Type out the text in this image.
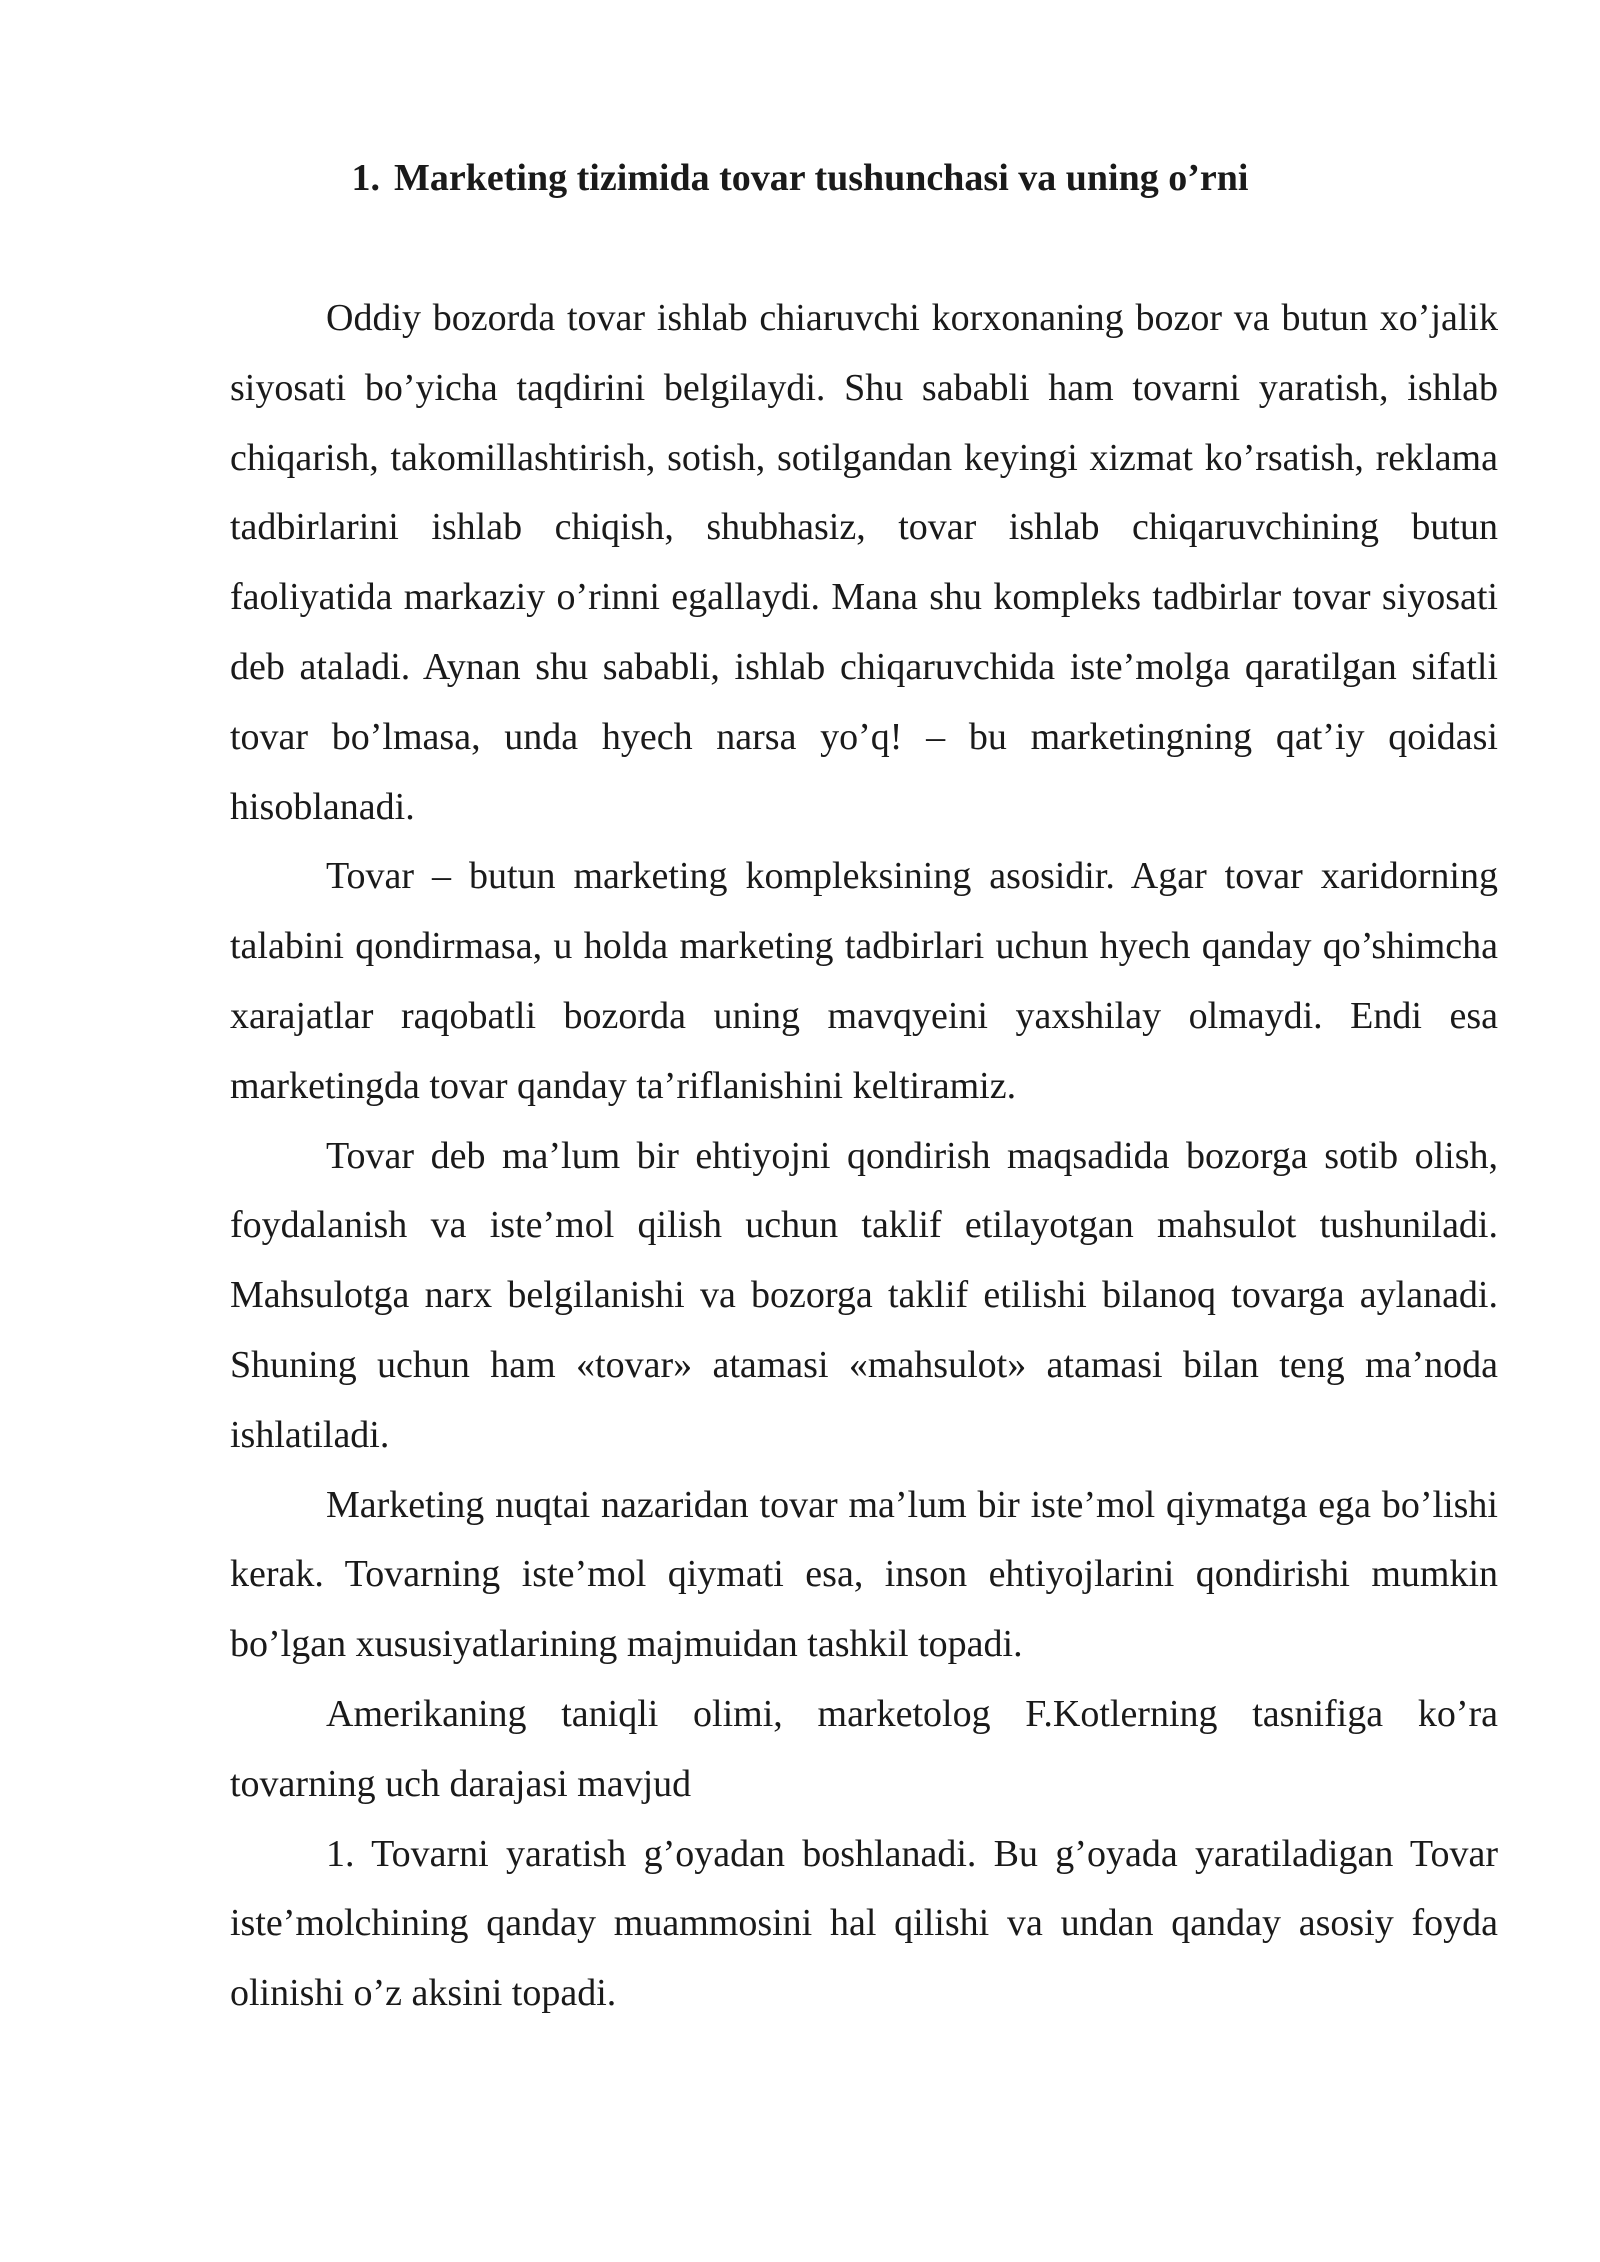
1. Marketing tizimida tovar tushunchasi va uning o’rni

Oddiy bozorda tovar ishlab chiaruvchi korxonaning bozor va butun xo’jalik siyosati bo’yicha taqdirini belgilaydi. Shu sababli ham tovarni yaratish, ishlab chiqarish, takomillashtirish, sotish, sotilgandan keyingi xizmat ko’rsatish, reklama tadbirlarini ishlab chiqish, shubhasiz, tovar ishlab chiqaruvchining butun faoliyatida markaziy o’rinni egallaydi. Mana shu kompleks tadbirlar tovar siyosati deb ataladi. Aynan shu sababli, ishlab chiqaruvchida iste’molga qaratilgan sifatli tovar bo’lmasa, unda hyech narsa yo’q! – bu marketingning qat’iy qoidasi hisoblanadi.

Tovar – butun marketing kompleksining asosidir. Agar tovar xaridorning talabini qondirmasa, u holda marketing tadbirlari uchun hyech qanday qo’shimcha xarajatlar raqobatli bozorda uning mavqyeini yaxshilay olmaydi. Endi esa marketingda tovar qanday ta’riflanishini keltiramiz.

Tovar deb ma’lum bir ehtiyojni qondirish maqsadida bozorga sotib olish, foydalanish va iste’mol qilish uchun taklif etilayotgan mahsulot tushuniladi. Mahsulotga narx belgilanishi va bozorga taklif etilishi bilanoq tovarga aylanadi. Shuning uchun ham «tovar» atamasi «mahsulot» atamasi bilan teng ma’noda ishlatiladi.

Marketing nuqtai nazaridan tovar ma’lum bir iste’mol qiymatga ega bo’lishi kerak. Tovarning iste’mol qiymati esa, inson ehtiyojlarini qondirishi mumkin bo’lgan xususiyatlarining majmuidan tashkil topadi.

Amerikaning taniqli olimi, marketolog F.Kotlerning tasnifiga ko’ra tovarning uch darajasi mavjud

1. Tovarni yaratish g’oyadan boshlanadi. Bu g’oyada yaratiladigan Tovar iste’molchining qanday muammosini hal qilishi va undan qanday asosiy foyda olinishi o’z aksini topadi.
